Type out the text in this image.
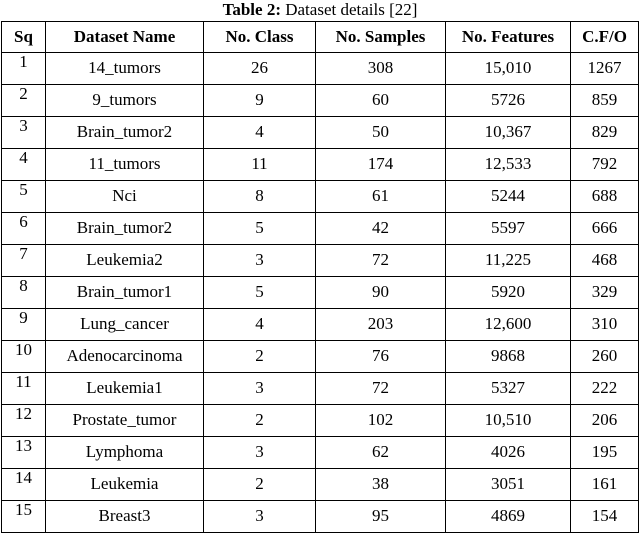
Table 2: Dataset details [22]
Sq	Dataset Name	No. Class	No. Samples	No. Features	C.F/O
1	14_tumors	26	308	15,010	1267
2	9_tumors	9	60	5726	859
3	Brain_tumor2	4	50	10,367	829
4	11_tumors	11	174	12,533	792
5	Nci	8	61	5244	688
6	Brain_tumor2	5	42	5597	666
7	Leukemia2	3	72	11,225	468
8	Brain_tumor1	5	90	5920	329
9	Lung_cancer	4	203	12,600	310
10	Adenocarcinoma	2	76	9868	260
11	Leukemia1	3	72	5327	222
12	Prostate_tumor	2	102	10,510	206
13	Lymphoma	3	62	4026	195
14	Leukemia	2	38	3051	161
15	Breast3	3	95	4869	154
